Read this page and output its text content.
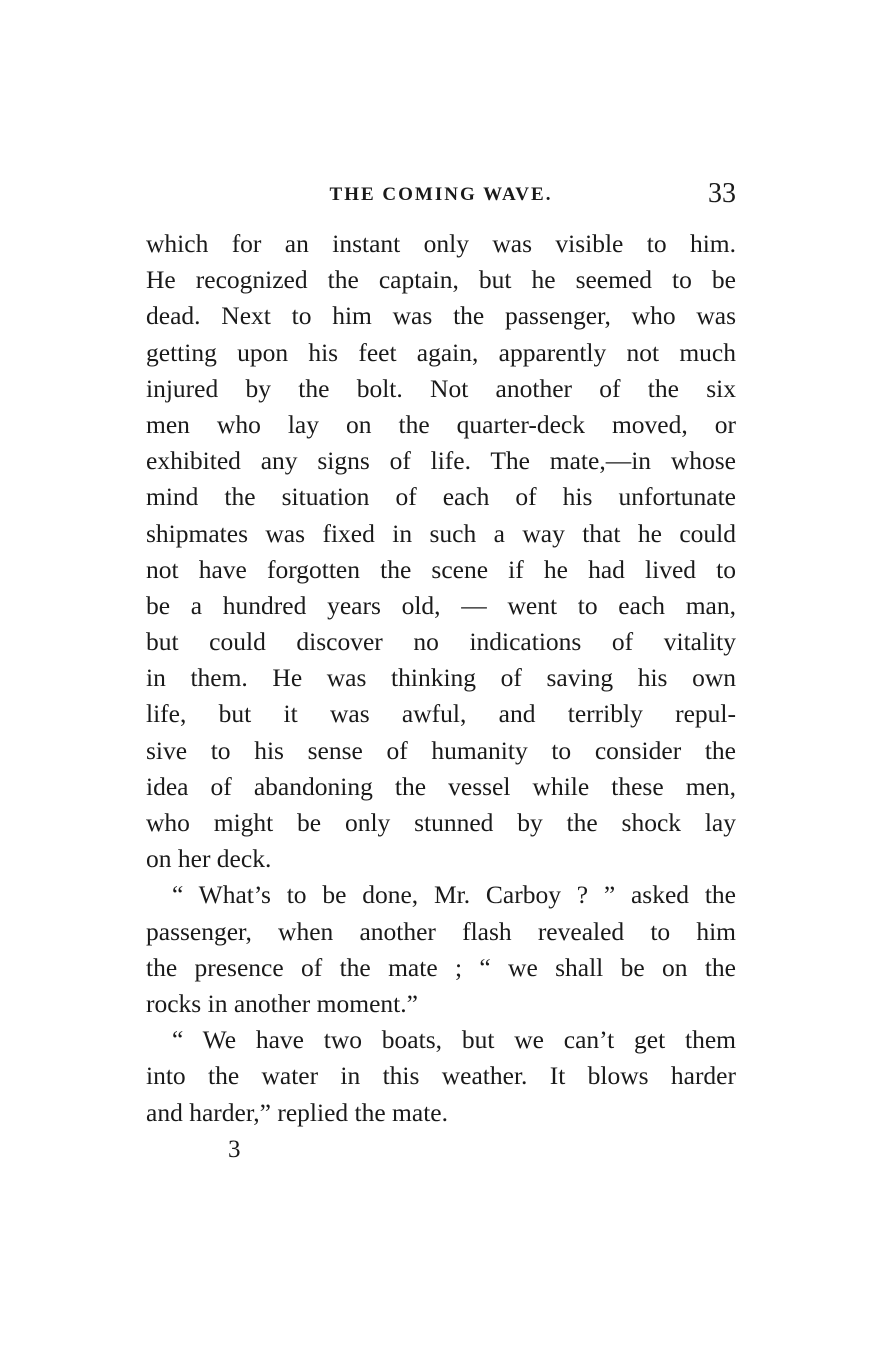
THE COMING WAVE.	33
which for an instant only was visible to him.
He recognized the captain, but he seemed to be
dead. Next to him was the passenger, who was
getting upon his feet again, apparently not much
injured by the bolt. Not another of the six
men who lay on the quarter-deck moved, or
exhibited any signs of life. The mate,—in whose
mind the situation of each of his unfortunate
shipmates was fixed in such a way that he could
not have forgotten the scene if he had lived to
be a hundred years old, — went to each man,
but could discover no indications of vitality
in them. He was thinking of saving his own
life, but it was awful, and terribly repul-
sive to his sense of humanity to consider the
idea of abandoning the vessel while these men,
who might be only stunned by the shock lay
on her deck.
“ What’s to be done, Mr. Carboy ? ” asked the
passenger, when another flash revealed to him
the presence of the mate ; “ we shall be on the
rocks in another moment.”
“ We have two boats, but we can’t get them
into the water in this weather. It blows harder
and harder,” replied the mate.
3
